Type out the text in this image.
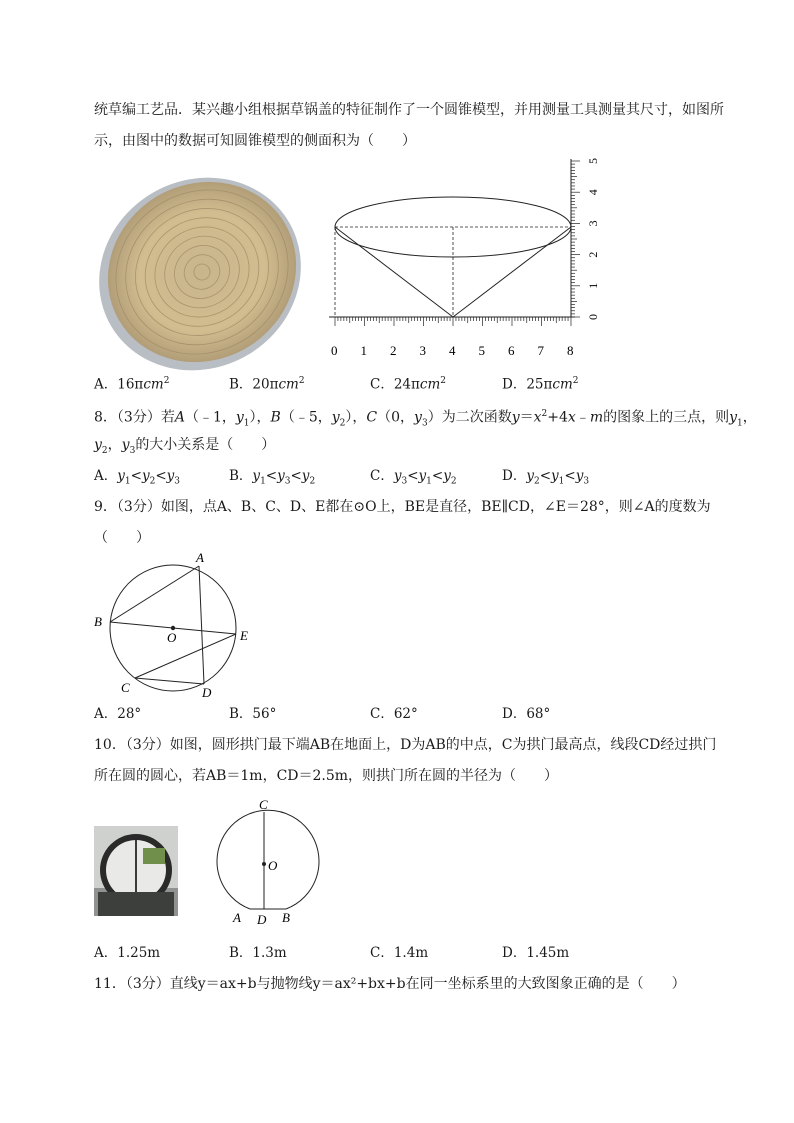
统草编工艺品．某兴趣小组根据草锅盖的特征制作了一个圆锥模型，并用测量工具测量其尺寸，如图所
示，由图中的数据可知圆锥模型的侧面积为（　　）
0 1 2 3 4 5 6 7 8
0
1
2
3
4
5
A．16πcm$^2$	B．20πcm$^2$	C．24πcm$^2$	D．25πcm$^2$
8．（3分）若A（﹣1，$y_1$），B（﹣5，$y_2$），C（0，$y_3$）为二次函数$y=x^2+4x﹣m$的图象上的三点，则$y_1$，
$y_2$，$y_3$的大小关系是（　　）
A．$y_1<y_2<y_3$	B．$y_1<y_3<y_2$	C．$y_3<y_1<y_2$	D．$y_2<y_1<y_3$
9．（3分）如图，点A、B、C、D、E都在⊙O上，BE是直径，BE∥CD，∠E＝28°，则∠A的度数为
（　　）
A
B
C	D
E
O
A．28°	B．56°	C．62°	D．68°
10．（3分）如图，圆形拱门最下端AB在地面上，D为AB的中点，C为拱门最高点，线段CD经过拱门
所在圆的圆心，若AB＝1m，CD＝2.5m，则拱门所在圆的半径为（　　）
C
O
A D B
A．1.25m	B．1.3m	C．1.4m	D．1.45m
11．（3分）直线y＝ax+b与抛物线y＝ax²+bx+b在同一坐标系里的大致图象正确的是（　　）
